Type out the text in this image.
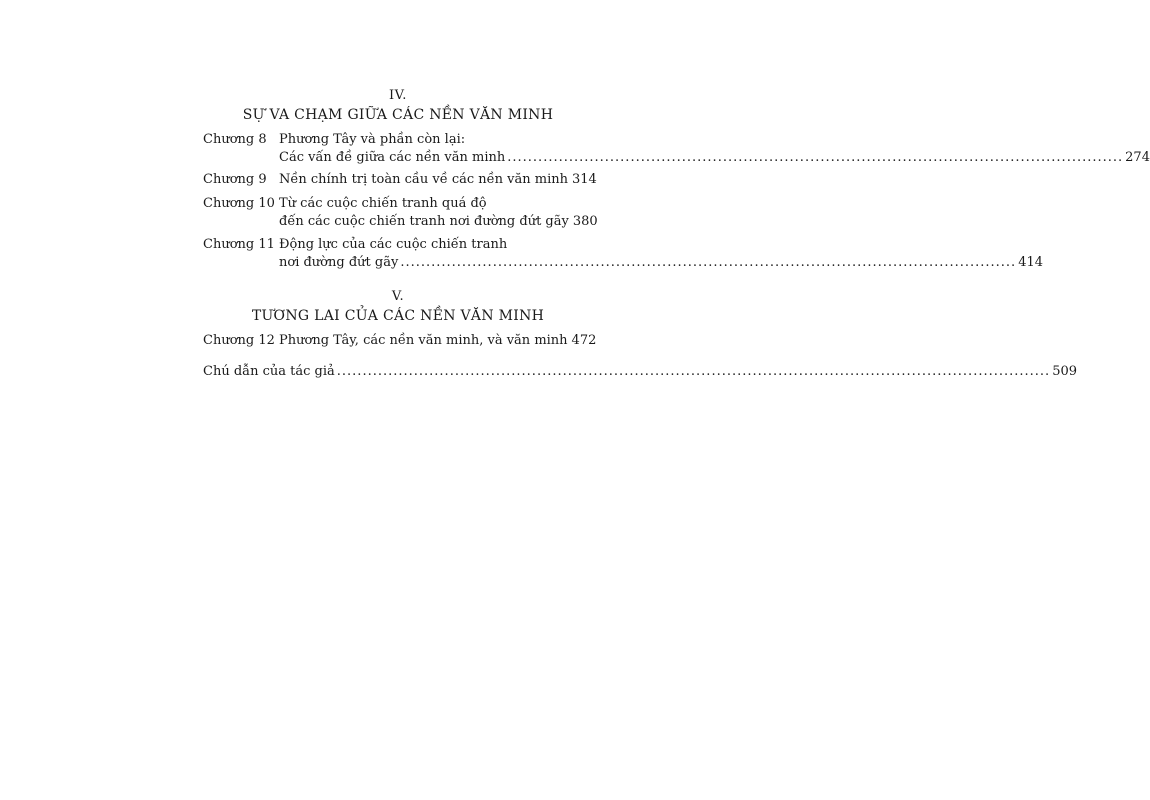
IV.
SỰ VA CHẠM GIỮA CÁC NỀN VĂN MINH
Chương 8 Phương Tây và phần còn lại:
Các vấn đề giữa các nền văn minh ........................................................................................................................ 274
Chương 9 Nền chính trị toàn cầu về các nền văn minh 314
Chương 10 Từ các cuộc chiến tranh quá độ
đến các cuộc chiến tranh nơi đường đứt gãy 380
Chương 11 Động lực của các cuộc chiến tranh
nơi đường đứt gãy ........................................................................................................................ 414
V.
TƯƠNG LAI CỦA CÁC NỀN VĂN MINH
Chương 12 Phương Tây, các nền văn minh, và văn minh 472
Chú dẫn của tác giả ........................................................................................................................................... 509
